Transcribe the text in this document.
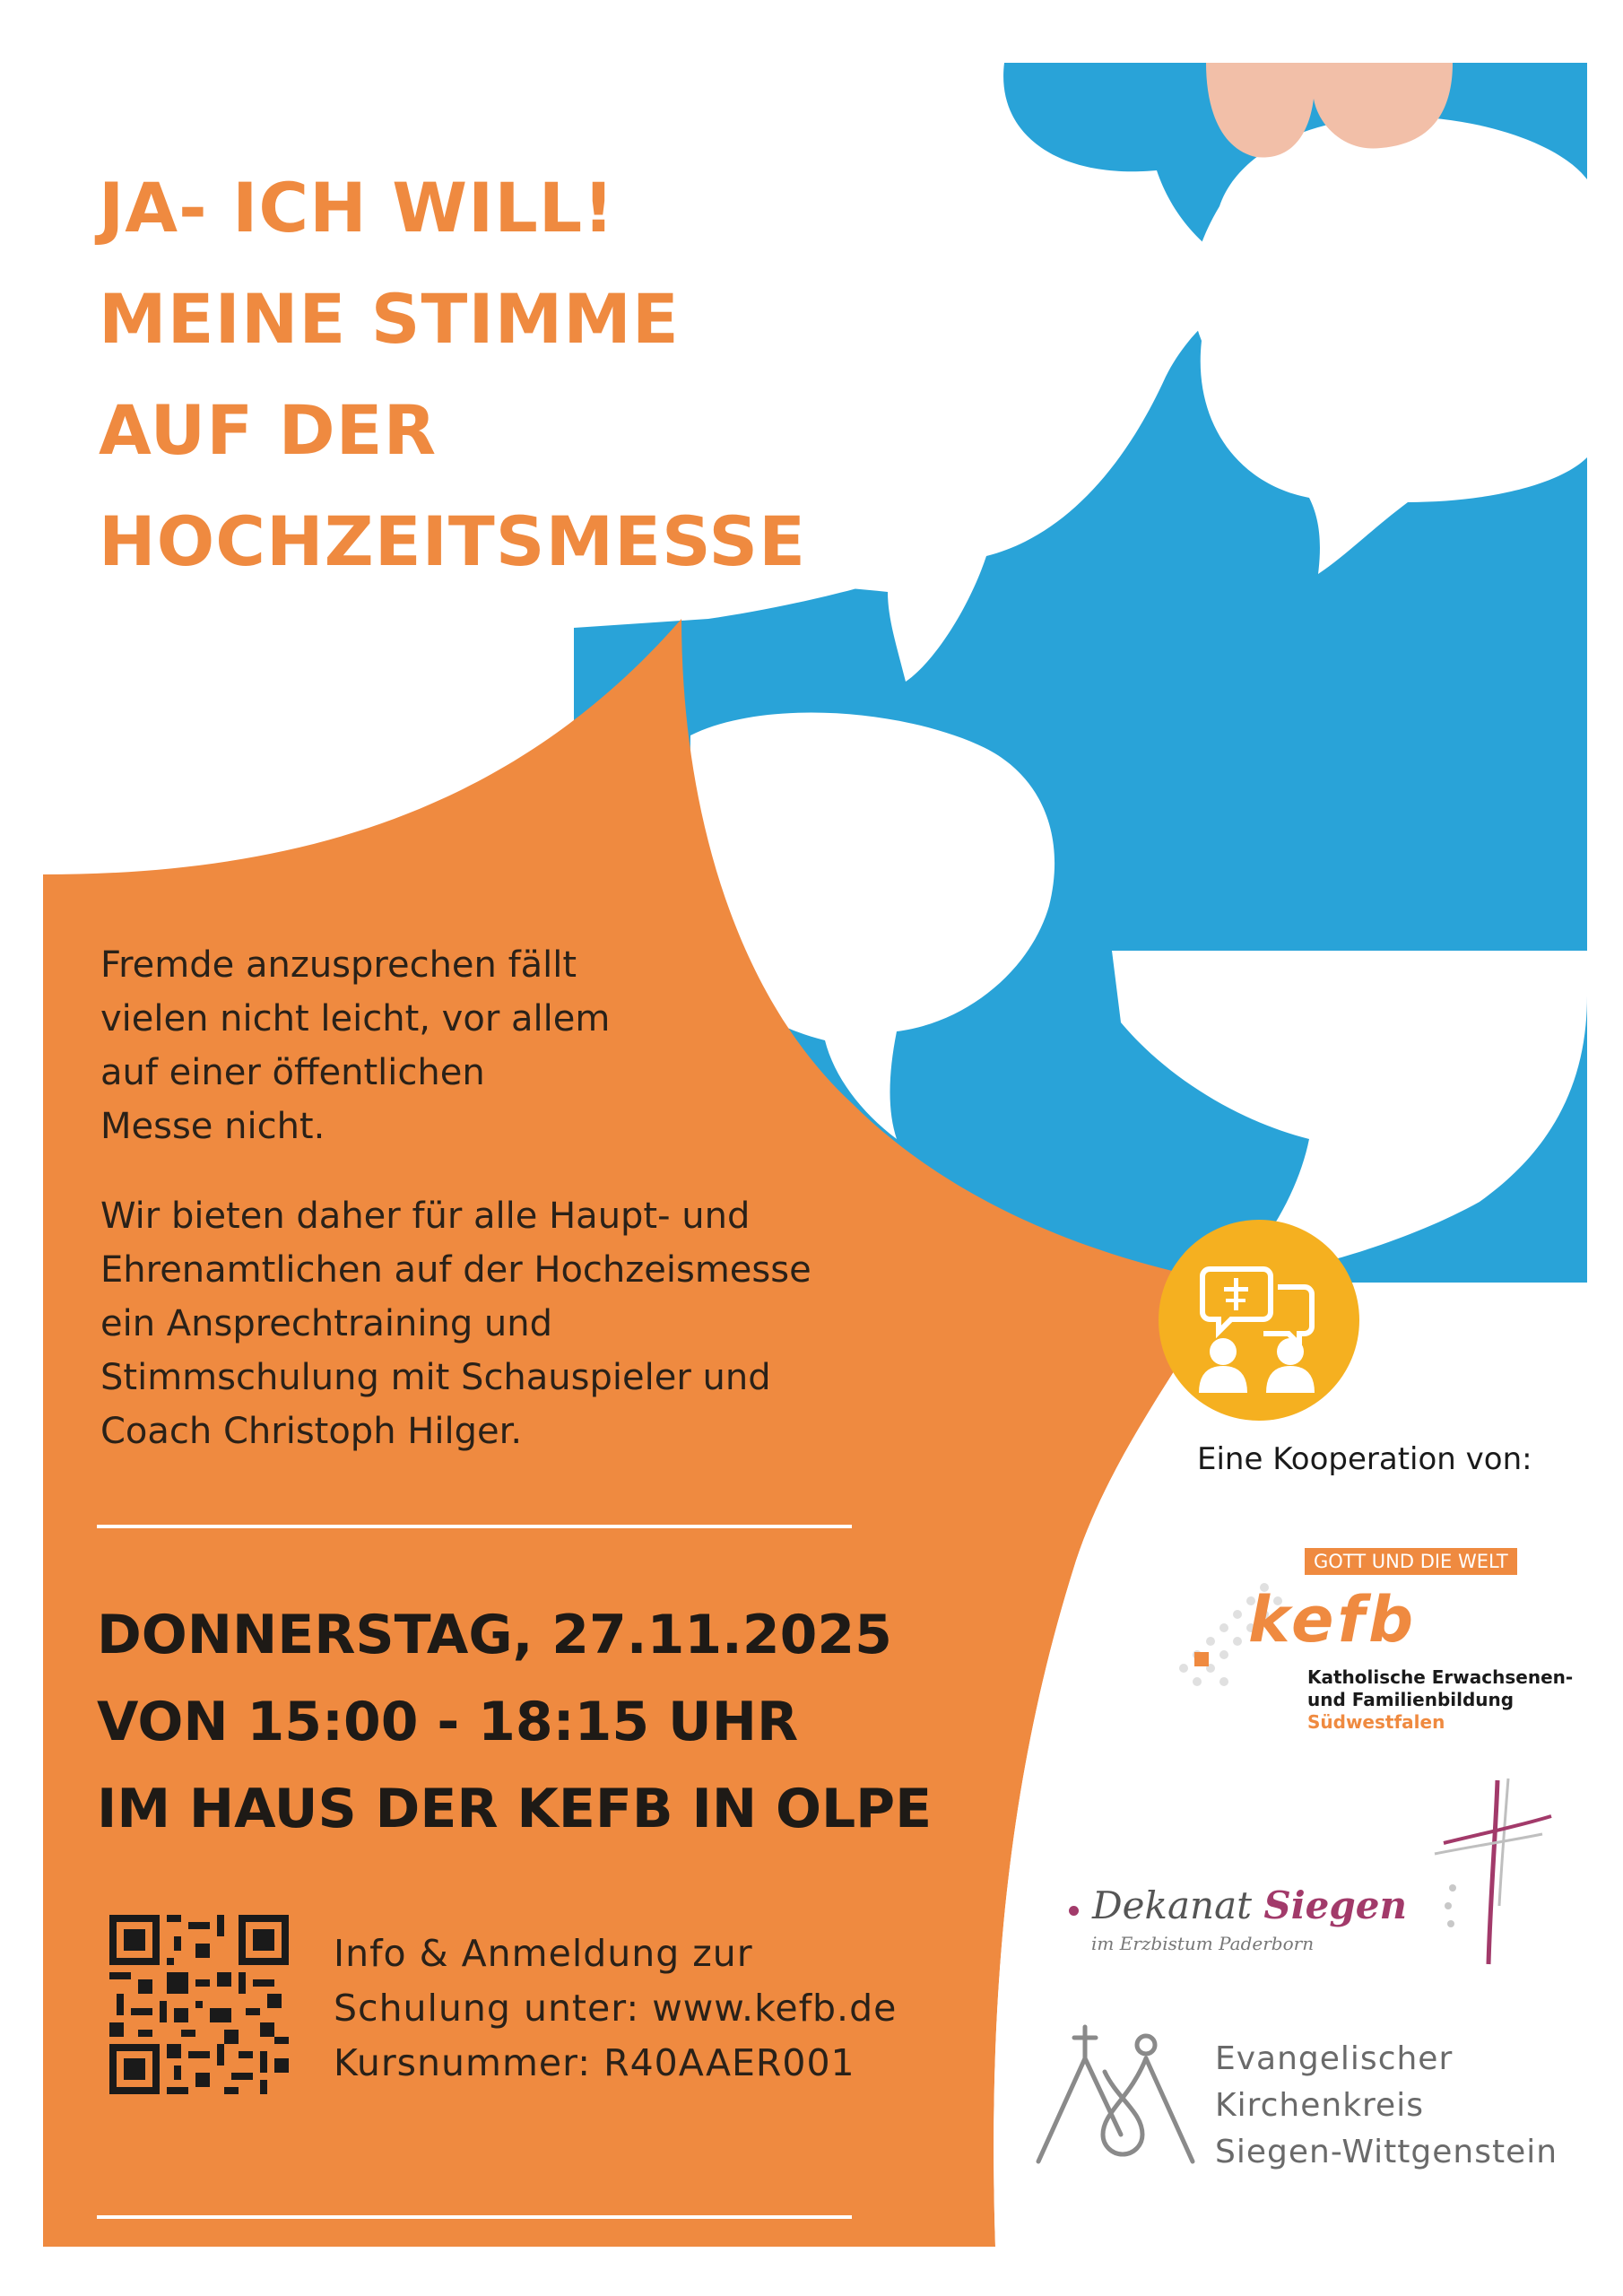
JA- ICH WILL!
MEINE STIMME
AUF DER
HOCHZEITSMESSE
Fremde anzusprechen fällt
vielen nicht leicht, vor allem
auf einer öffentlichen
Messe nicht.
Wir bieten daher für alle Haupt- und
Ehrenamtlichen auf der Hochzeismesse
ein Ansprechtraining und
Stimmschulung mit Schauspieler und
Coach Christoph Hilger.
DONNERSTAG, 27.11.2025
VON 15:00 - 18:15 UHR
IM HAUS DER KEFB IN OLPE
Info & Anmeldung zur
Schulung unter: www.kefb.de
Kursnummer: R40AAER001
Eine Kooperation von:
GOTT UND DIE WELT
kefb
Katholische Erwachsenen-
und Familienbildung
Südwestfalen
Dekanat Siegen
im Erzbistum Paderborn
Evangelischer
Kirchenkreis
Siegen-Wittgenstein
